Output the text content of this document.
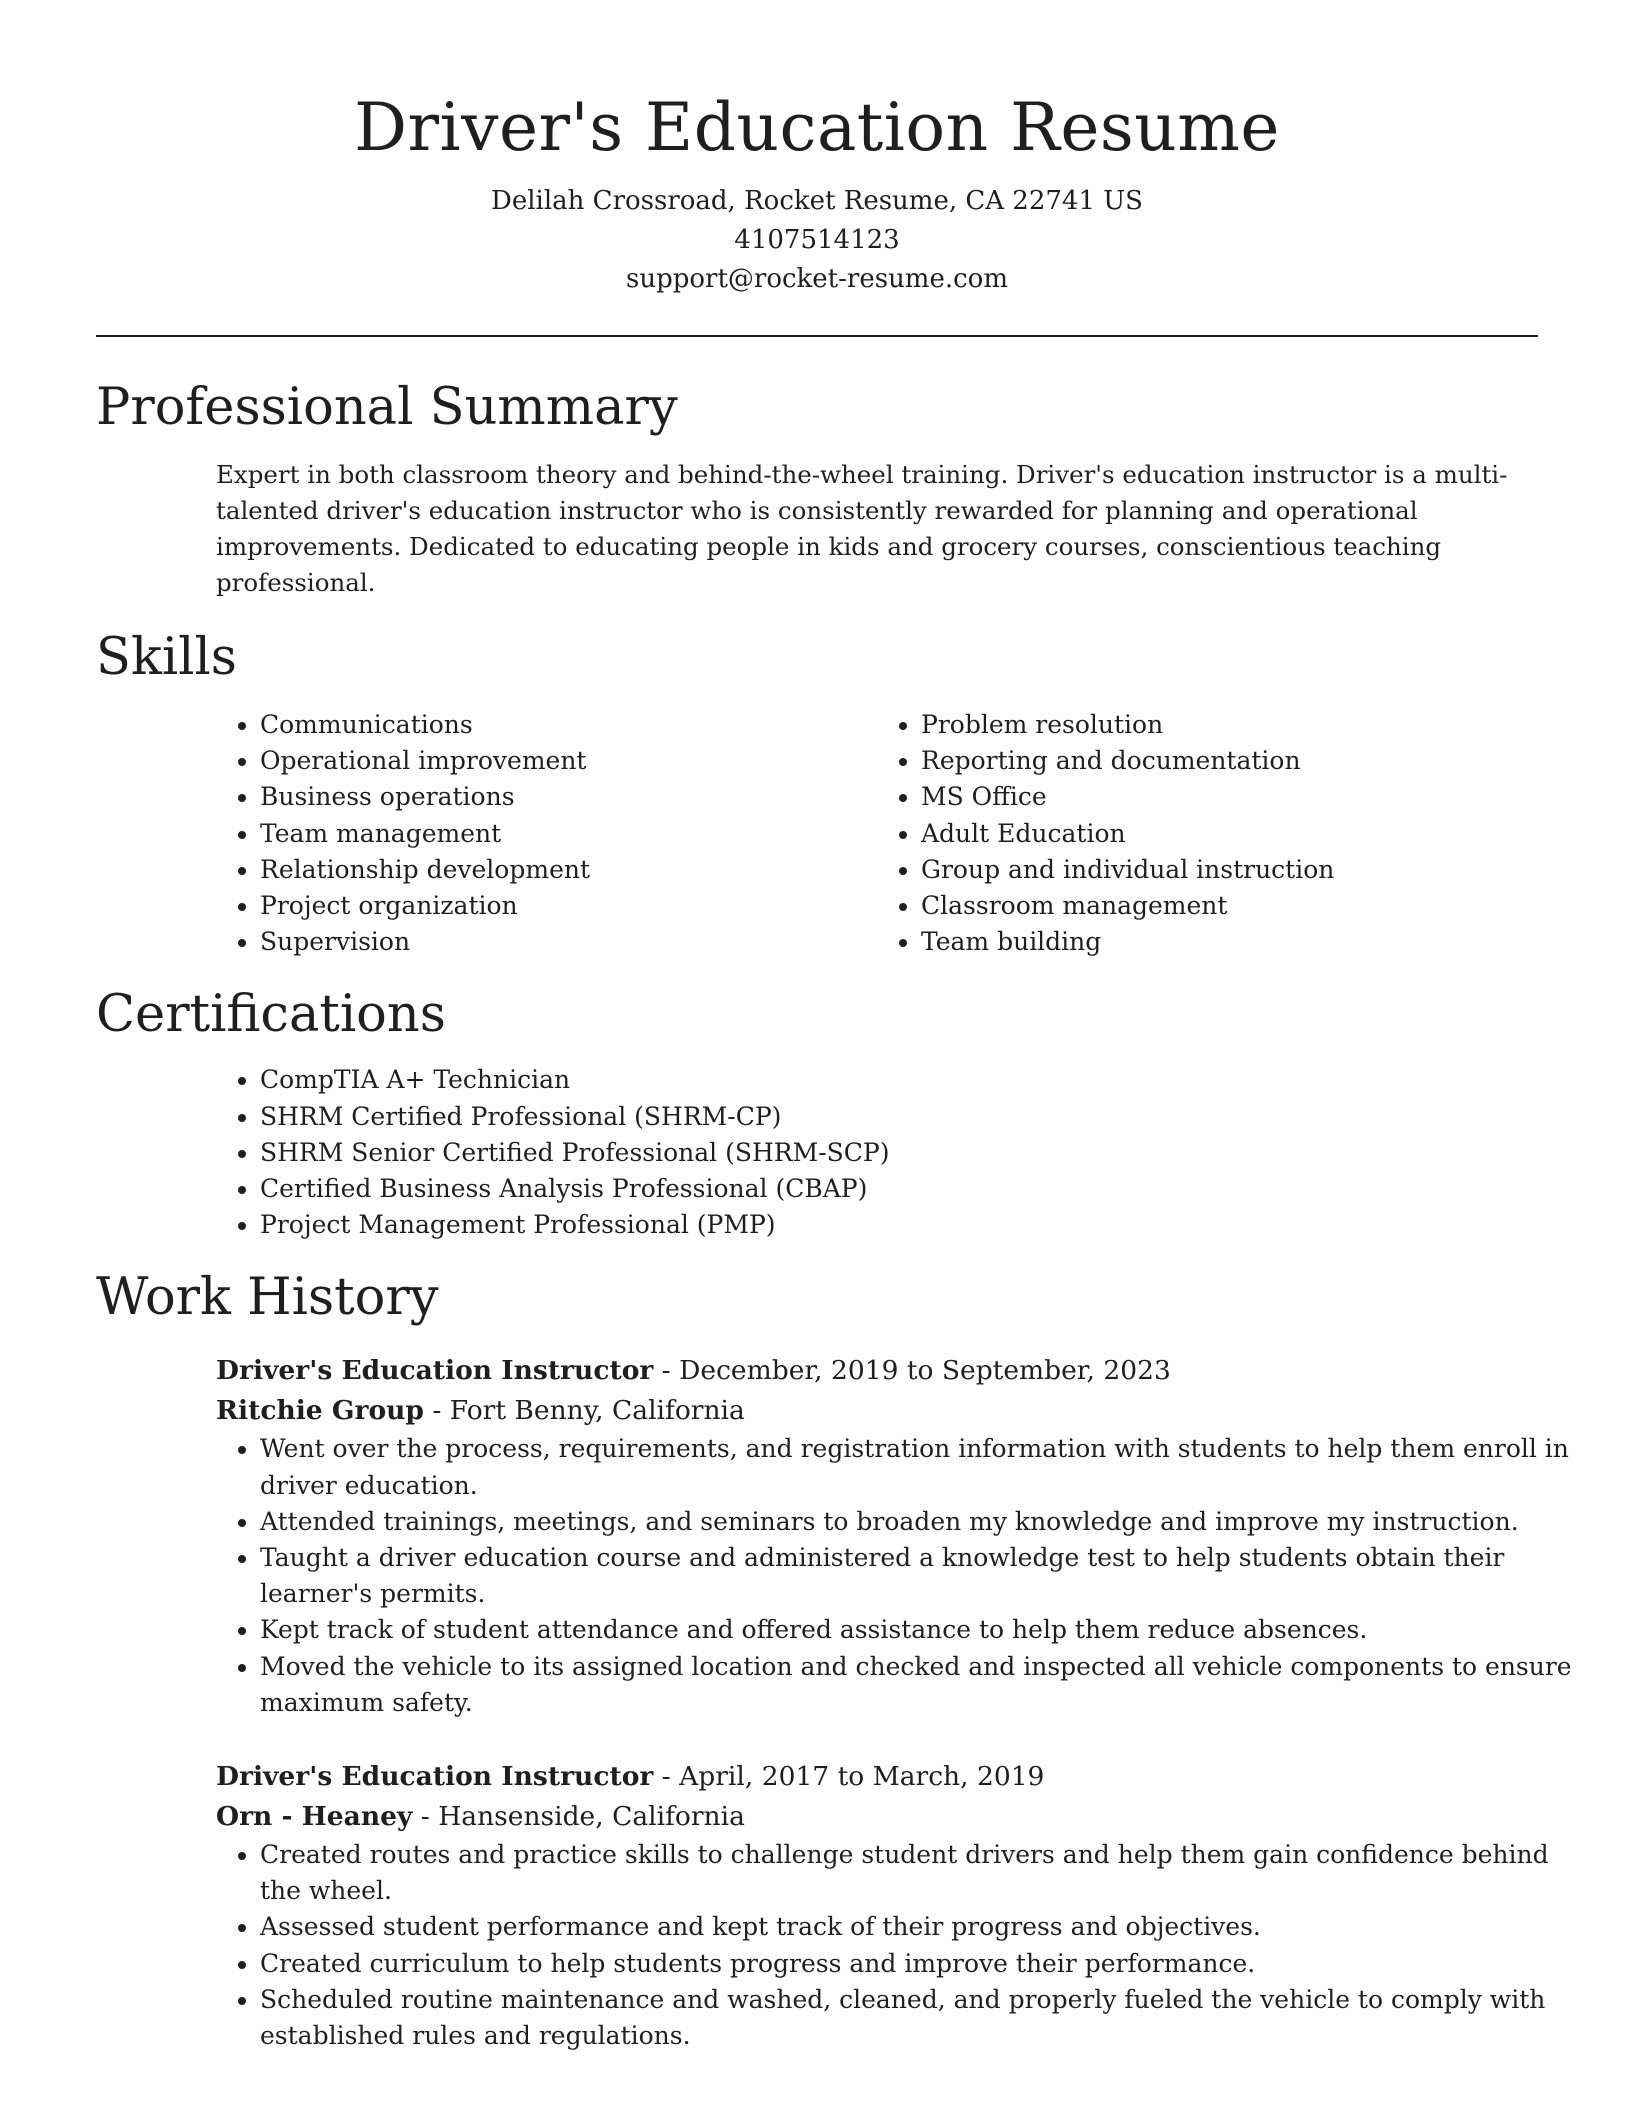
Driver's Education Resume
Delilah Crossroad, Rocket Resume, CA 22741 US
4107514123
support@rocket-resume.com
Professional Summary
Expert in both classroom theory and behind-the-wheel training. Driver's education instructor is a multi-talented driver's education instructor who is consistently rewarded for planning and operational improvements. Dedicated to educating people in kids and grocery courses, conscientious teaching professional.
Skills
• Communications
• Operational improvement
• Business operations
• Team management
• Relationship development
• Project organization
• Supervision
• Problem resolution
• Reporting and documentation
• MS Office
• Adult Education
• Group and individual instruction
• Classroom management
• Team building
Certifications
• CompTIA A+ Technician
• SHRM Certified Professional (SHRM-CP)
• SHRM Senior Certified Professional (SHRM-SCP)
• Certified Business Analysis Professional (CBAP)
• Project Management Professional (PMP)
Work History
Driver's Education Instructor - December, 2019 to September, 2023
Ritchie Group - Fort Benny, California
• Went over the process, requirements, and registration information with students to help them enroll in driver education.
• Attended trainings, meetings, and seminars to broaden my knowledge and improve my instruction.
• Taught a driver education course and administered a knowledge test to help students obtain their learner's permits.
• Kept track of student attendance and offered assistance to help them reduce absences.
• Moved the vehicle to its assigned location and checked and inspected all vehicle components to ensure maximum safety.
Driver's Education Instructor - April, 2017 to March, 2019
Orn - Heaney - Hansenside, California
• Created routes and practice skills to challenge student drivers and help them gain confidence behind the wheel.
• Assessed student performance and kept track of their progress and objectives.
• Created curriculum to help students progress and improve their performance.
• Scheduled routine maintenance and washed, cleaned, and properly fueled the vehicle to comply with established rules and regulations.
